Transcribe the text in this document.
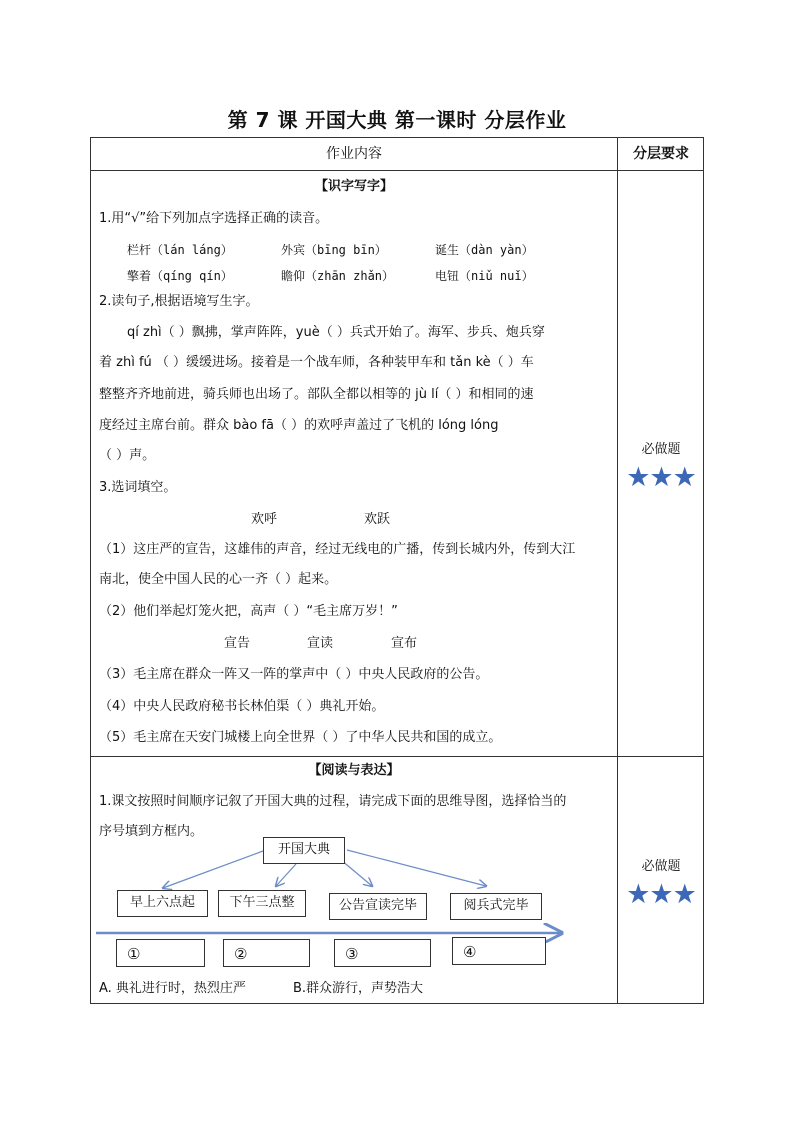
第 7 课 开国大典 第一课时 分层作业
作业内容	分层要求
【识字写字】
1.用“√”给下列加点字选择正确的读音。
栏杆（lán láng）	外宾（bīng bīn）	诞生（dàn yàn）
擎着（qíng qín）	瞻仰（zhān zhǎn）	电钮（niǔ nuǐ）
2.读句子,根据语境写生字。
qí zhì（ ）飘拂，掌声阵阵，yuè（ ）兵式开始了。海军、步兵、炮兵穿
着 zhì fú （ ）缓缓进场。接着是一个战车师，各种装甲车和 tǎn kè（ ）车
整整齐齐地前进，骑兵师也出场了。部队全都以相等的 jù lí（ ）和相同的速
度经过主席台前。群众 bào fā（ ）的欢呼声盖过了飞机的 lóng lóng
（ ）声。
3.选词填空。
欢呼	欢跃
（1）这庄严的宣告，这雄伟的声音，经过无线电的广播，传到长城内外，传到大江
南北，使全中国人民的心一齐（ ）起来。
（2）他们举起灯笼火把，高声（ ）“毛主席万岁！”
宣告	宣读	宣布
（3）毛主席在群众一阵又一阵的掌声中（ ）中央人民政府的公告。
（4）中央人民政府秘书长林伯渠（ ）典礼开始。
（5）毛主席在天安门城楼上向全世界（ ）了中华人民共和国的成立。
必做题
★★★
【阅读与表达】
1.课文按照时间顺序记叙了开国大典的过程，请完成下面的思维导图，选择恰当的
序号填到方框内。
开国大典
早上六点起	下午三点整	公告宣读完毕	阅兵式完毕
①	②	③	④
A. 典礼进行时，热烈庄严	B.群众游行，声势浩大
必做题
★★★
